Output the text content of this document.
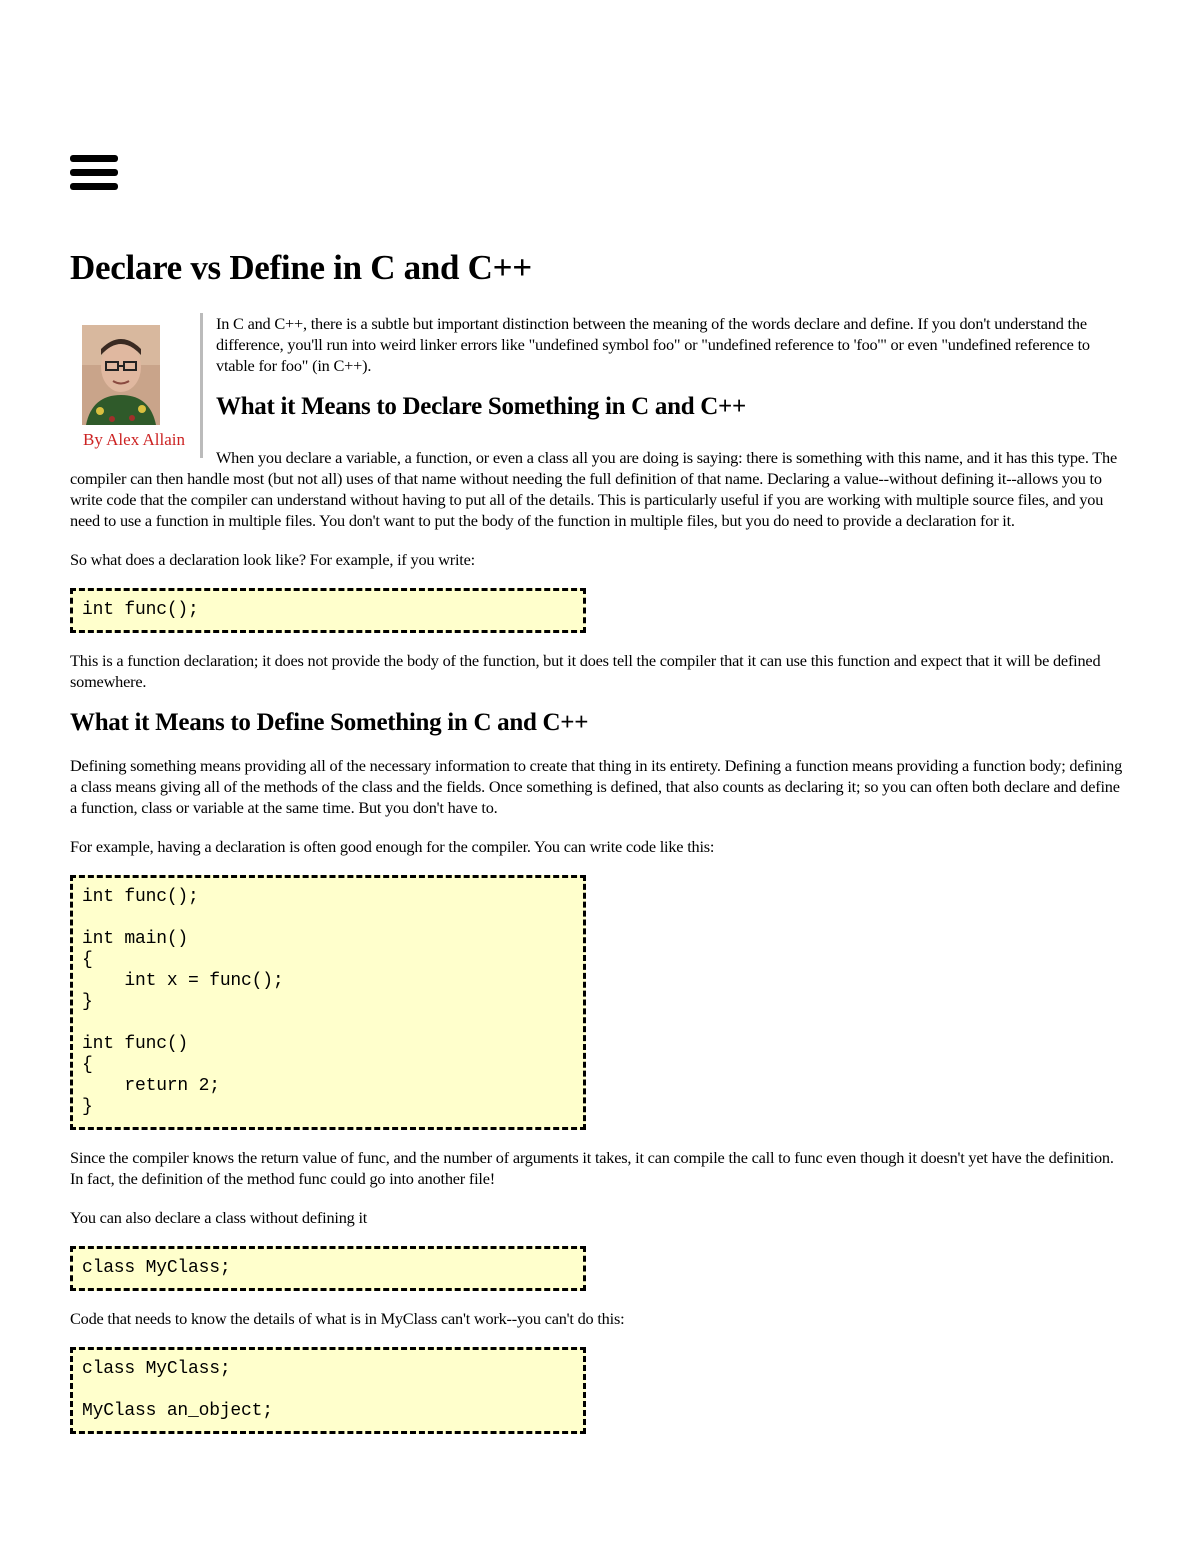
Declare vs Define in C and C++

In C and C++, there is a subtle but important distinction between the meaning of the words declare and define. If you don't understand the difference, you'll run into weird linker errors like "undefined symbol foo" or "undefined reference to 'foo'" or even "undefined reference to vtable for foo" (in C++).

What it Means to Declare Something in C and C++

When you declare a variable, a function, or even a class all you are doing is saying: there is something with this name, and it has this type. The compiler can then handle most (but not all) uses of that name without needing the full definition of that name. Declaring a value--without defining it--allows you to write code that the compiler can understand without having to put all of the details. This is particularly useful if you are working with multiple source files, and you need to use a function in multiple files. You don't want to put the body of the function in multiple files, but you do need to provide a declaration for it.

So what does a declaration look like? For example, if you write:

int func();

This is a function declaration; it does not provide the body of the function, but it does tell the compiler that it can use this function and expect that it will be defined somewhere.

What it Means to Define Something in C and C++

Defining something means providing all of the necessary information to create that thing in its entirety. Defining a function means providing a function body; defining a class means giving all of the methods of the class and the fields. Once something is defined, that also counts as declaring it; so you can often both declare and define a function, class or variable at the same time. But you don't have to.

For example, having a declaration is often good enough for the compiler. You can write code like this:

int func();

int main()
{
int x = func();
}

int func()
{
return 2;
}

Since the compiler knows the return value of func, and the number of arguments it takes, it can compile the call to func even though it doesn't yet have the definition. In fact, the definition of the method func could go into another file!

You can also declare a class without defining it

class MyClass;

Code that needs to know the details of what is in MyClass can't work--you can't do this:

class MyClass;

MyClass an_object;

By Alex Allain
